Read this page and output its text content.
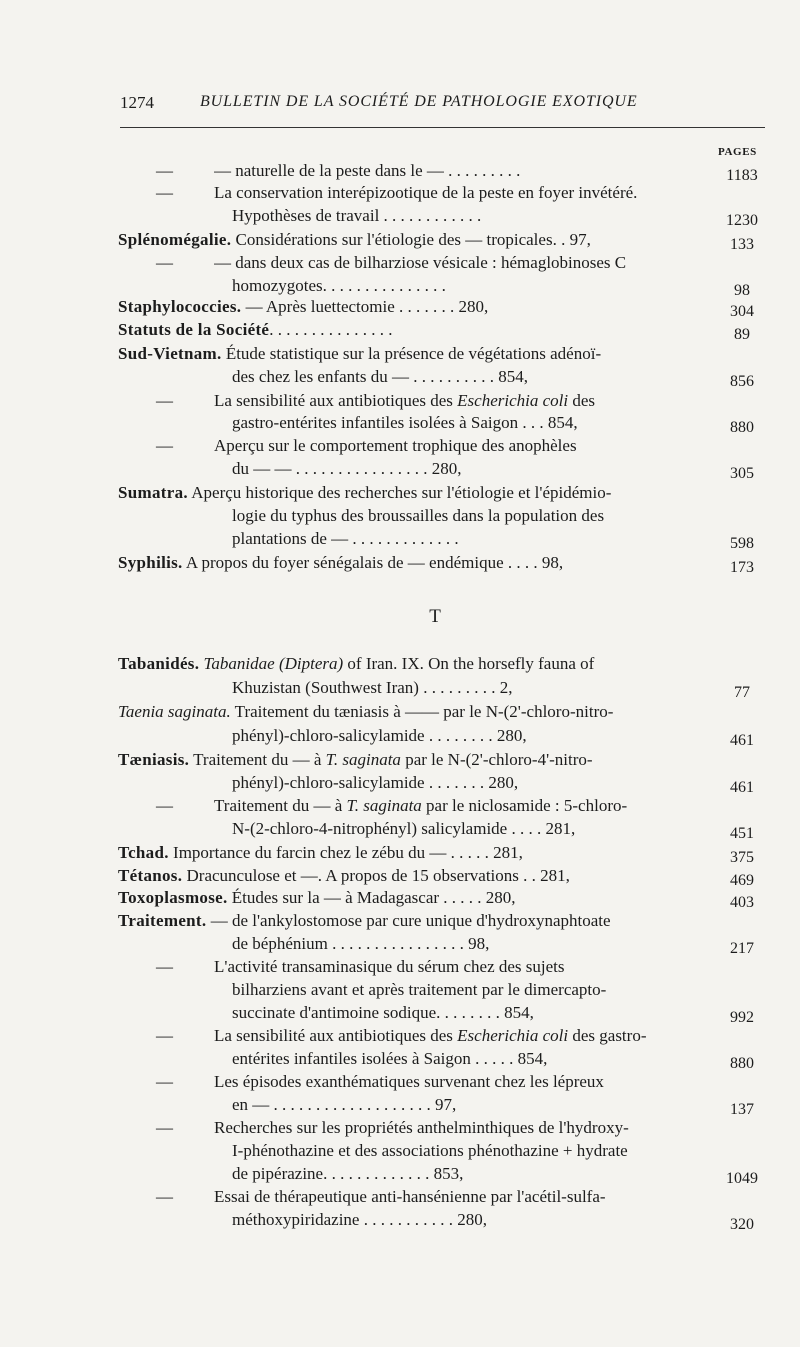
1274	BULLETIN DE LA SOCIÉTÉ DE PATHOLOGIE EXOTIQUE
PAGES
T
— — naturelle de la peste dans le — . . . . . . . . .	1183
— La conservation interépizootique de la peste en foyer invétéré.
Hypothèses de travail . . . . . . . . . . . .	1230
Splénomégalie. Considérations sur l'étiologie des — tropicales. . 97,	133
— — dans deux cas de bilharziose vésicale : hémaglobinoses C
homozygotes. . . . . . . . . . . . . . .	98
Staphylococcies. — Après luettectomie . . . . . . . 280,	304
Statuts de la Société. . . . . . . . . . . . . . .	89
Sud-Vietnam. Étude statistique sur la présence de végétations adénoï-
des chez les enfants du — . . . . . . . . . . 854,	856
— La sensibilité aux antibiotiques des Escherichia coli des
gastro-entérites infantiles isolées à Saigon . . . 854,	880
— Aperçu sur le comportement trophique des anophèles
du — — . . . . . . . . . . . . . . . . 280,	305
Sumatra. Aperçu historique des recherches sur l'étiologie et l'épidémio-
logie du typhus des broussailles dans la population des
plantations de — . . . . . . . . . . . . .	598
Syphilis. A propos du foyer sénégalais de — endémique . . . . 98,	173
Tabanidés. Tabanidae (Diptera) of Iran. IX. On the horsefly fauna of
Khuzistan (Southwest Iran) . . . . . . . . . 2,	77
Taenia saginata. Traitement du tæniasis à —— par le N-(2'-chloro-nitro-
phényl)-chloro-salicylamide . . . . . . . . 280,	461
Tæniasis. Traitement du — à T. saginata par le N-(2'-chloro-4'-nitro-
phényl)-chloro-salicylamide . . . . . . . 280,	461
— Traitement du — à T. saginata par le niclosamide : 5-chloro-
N-(2-chloro-4-nitrophényl) salicylamide . . . . 281,	451
Tchad. Importance du farcin chez le zébu du — . . . . . 281,	375
Tétanos. Dracunculose et —. A propos de 15 observations . . 281,	469
Toxoplasmose. Études sur la — à Madagascar . . . . . 280,	403
Traitement. — de l'ankylostomose par cure unique d'hydroxynaphtoate
de béphénium . . . . . . . . . . . . . . . . 98,	217
— L'activité transaminasique du sérum chez des sujets
bilharziens avant et après traitement par le dimercapto-
succinate d'antimoine sodique. . . . . . . . 854,	992
— La sensibilité aux antibiotiques des Escherichia coli des gastro-
entérites infantiles isolées à Saigon . . . . . 854,	880
— Les épisodes exanthématiques survenant chez les lépreux
en — . . . . . . . . . . . . . . . . . . . 97,	137
— Recherches sur les propriétés anthelminthiques de l'hydroxy-
I-phénothazine et des associations phénothazine + hydrate
de pipérazine. . . . . . . . . . . . . 853,	1049
— Essai de thérapeutique anti-hansénienne par l'acétil-sulfa-
méthoxypiridazine . . . . . . . . . . . 280,	320
